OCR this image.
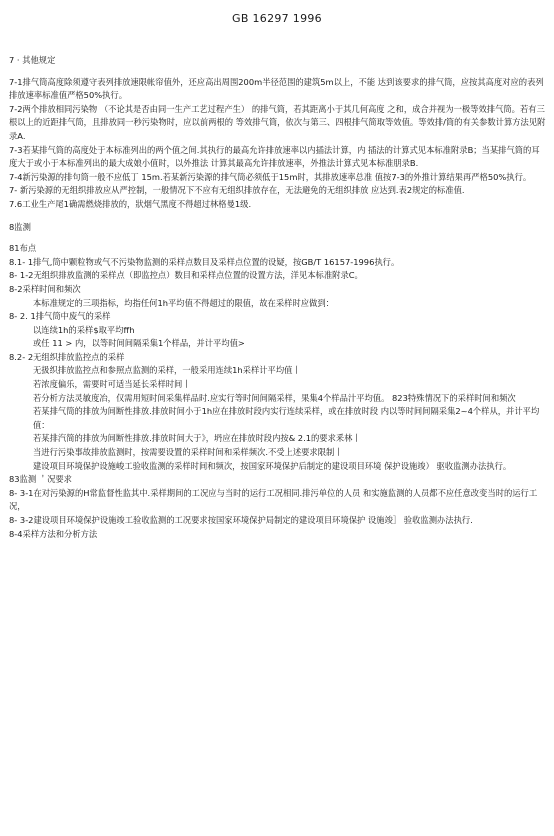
GB 16297 1996

7 · 其他规定

7-1排气筒高度除须遵守表列排放速限帐帘值外，还应高出周围200m半径范围的建筑5m以上，不能 达到该要求的排气筒，应按其高度对应的表列排放速率标准值严格50%执行。

7-2两个排放相同污染物 （不论其是否由同一生产工艺过程产生） 的排气筒，若其距离小于其几何高度 之和，成合并视为一极等效排气筒。若有三根以上的近距排气筒，且排放同一秒污染物时，应以前两根的 等效排气筒，依次与第三、四根排气简取等效值。等效排/筒的有关参数计算方法见附录A.

7-3若某排气筒的高度处于本标准列出的两个值之间.其执行的最高允许排放速率以内插法计算，内 插法的计算式见本标准附录B；当某排气筒的耳度大于或小于本标准列出的最大成娘小值时，以外推法 计算其最高允许排放速率，外推法计算式见本标准朋录B.

7-4新污染源的排句筒一般不应低丁 15m.若某新污染源的排气筒必须低于15m时，其排放速率总准 值按7-3的外推计算结果再严格50%执行。

7- 新污染源的无组织排放应从严控制，一般情况下不应有无组织排放存在，无法避免的无组织排放 应达到.表2规定的标准值.

7.6工业生产尾1确需燃烧排放的，狀烟气黑度不得超过林格曼1级.

8监测

81布点

8.1- 1排气,筒中颗粒物或气不污染物监测的采样点数目及采样点位置的设疑，按GB/T 16157-1996执行。

8- 1-2无组织排放监测的采样点（即监控点）数目和采样点位置的设置方法，洋见本标准附录C。

8-2采样时间和频次

本标准规定的三项指标，均指任何1h平均值不得超过的限值，故在采样时应做到：

8- 2. 1排气筒中废气的采样

以连续1h的采样$取平均ffh

或任 11 > 内，以等时间间隔采集1个样品，并计平均值>

8.2- 2无组织排放监控点的采样

无扱织排放监控点和参照点监测的采样，一般采用连续1h采样计平均值丨

若浓度偏乐，需要时可适当延长采样时间丨

若分析方法灵敏度冶，仅需用短时间采集样品时.应实行等时间间隔采样，果集4个样品汁平均值。 823特殊情况下的采样时间和频次

若某排气筒的排放为间断性排放.排放时间小于1h应在排放时段内实行连续采样，或在排放时段 内以等时间间隔采集2~4个样从，并计平均值：

若某排汽简的排放为间断性排放.排放时间大于》，坍应在排放时段内按& 2.1的要求釆林丨

当进行污染事故排放监测时，按需要设置的采样时间和采样频次.不受上述要求限制丨

建设项目环境保护设施峻工验收监测的采样时间和频次，按国家环境保护后制定的建设项目环境 保护设施竣） 驱收监测办法执行。

83监测 ＇况要求

8- 3-1在对污染源的H常监督性监其中.采样期间的工况应与当时的运行工况相同.排污单位的人员 和实施监测的人员都不应任意改变当时的运行工况，

8- 3-2建设项目环境保护设施竣工验收监测的工况要求按国家环境保护局制定的建设项目环境保护 设施竣］ 验收监测办法执行.

8-4采样方法和分析方法
